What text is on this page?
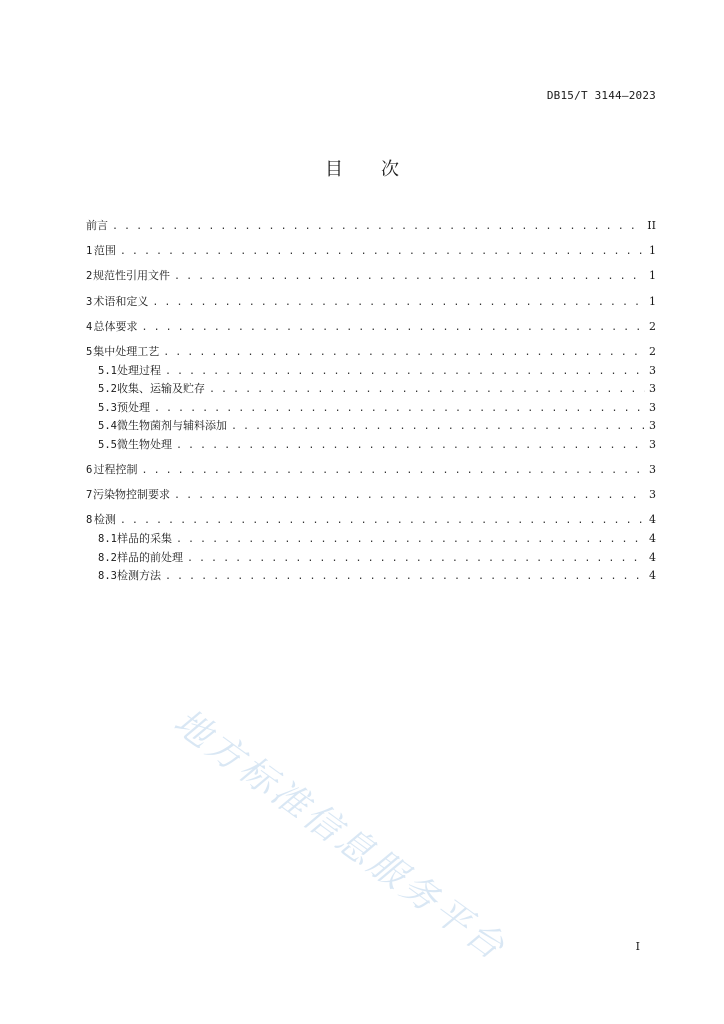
DB15/T 3144—2023
目 次
前言 . . .	II
1 范围 . . .	1
2 规范性引用文件 . . .	1
3 术语和定义 . . .	1
4 总体要求 . . .	2
5 集中处理工艺 . . .	2
5.1 处理过程 . . .	3
5.2 收集、运输及贮存 . . .	3
5.3 预处理 . . .	3
5.4 微生物菌剂与辅料添加 . . .	3
5.5 微生物处理 . . .	3
6 过程控制 . . .	3
7 污染物控制要求 . . .	3
8 检测 . . .	4
8.1 样品的采集 . . .	4
8.2 样品的前处理 . . .	4
8.3 检测方法 . . .	4
地方标准信息服务平台	I
